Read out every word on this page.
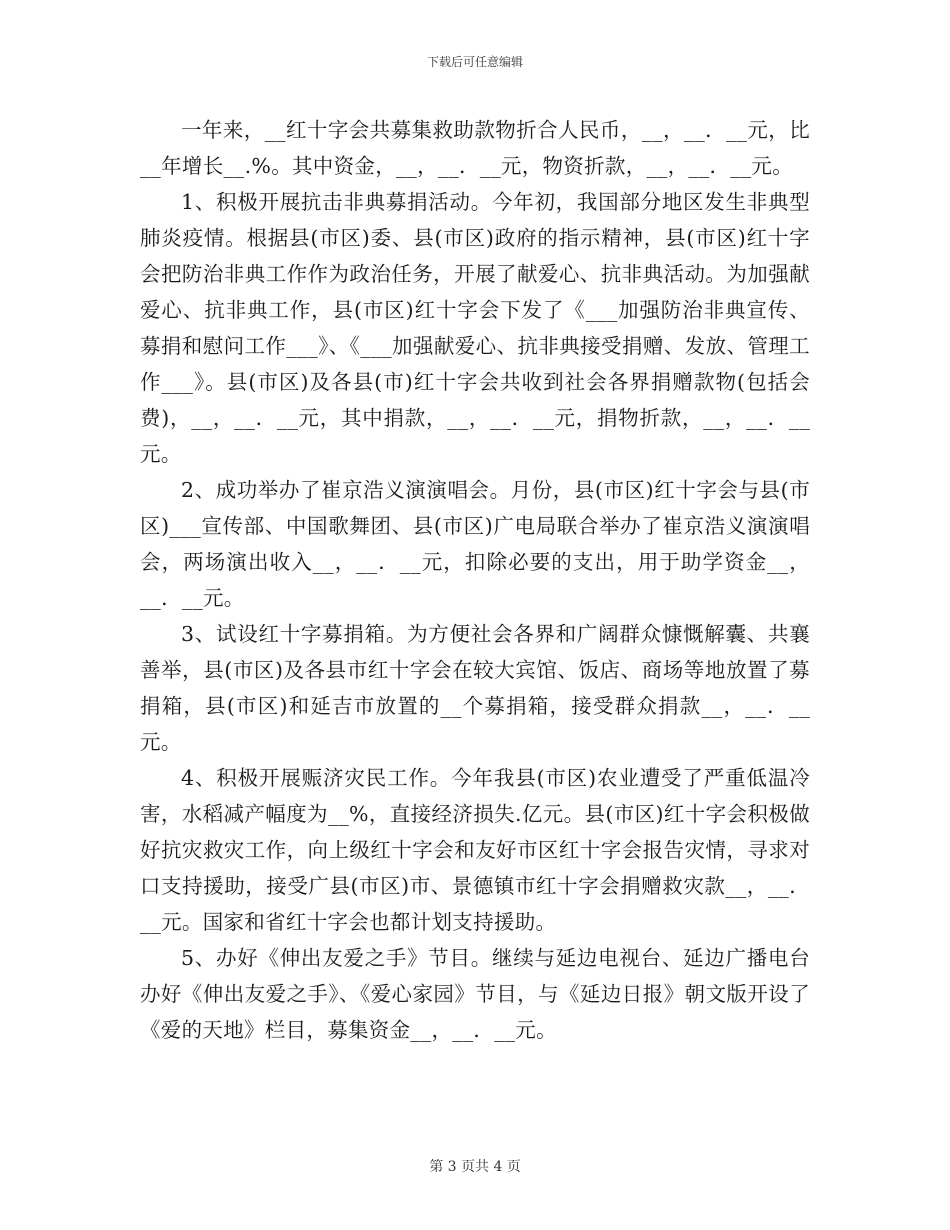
下载后可任意编辑

一年来，__红十字会共募集救助款物折合人民币，__，__．__元，比__年增长__.%。其中资金，__，__．__元，物资折款，__，__．__元。

1、积极开展抗击非典募捐活动。今年初，我国部分地区发生非典型肺炎疫情。根据县(市区)委、县(市区)政府的指示精神，县(市区)红十字会把防治非典工作作为政治任务，开展了献爱心、抗非典活动。为加强献爱心、抗非典工作，县(市区)红十字会下发了《___加强防治非典宣传、募捐和慰问工作___》、《___加强献爱心、抗非典接受捐赠、发放、管理工作___》。县(市区)及各县(市)红十字会共收到社会各界捐赠款物(包括会费)，__，__．__元，其中捐款，__，__．__元，捐物折款，__，__．__元。

2、成功举办了崔京浩义演演唱会。月份，县(市区)红十字会与县(市区)___宣传部、中国歌舞团、县(市区)广电局联合举办了崔京浩义演演唱会，两场演出收入__，__．__元，扣除必要的支出，用于助学资金__，__．__元。

3、试设红十字募捐箱。为方便社会各界和广阔群众慷慨解囊、共襄善举，县(市区)及各县市红十字会在较大宾馆、饭店、商场等地放置了募捐箱，县(市区)和延吉市放置的__个募捐箱，接受群众捐款__，__．__元。

4、积极开展赈济灾民工作。今年我县(市区)农业遭受了严重低温冷害，水稻减产幅度为__%，直接经济损失.亿元。县(市区)红十字会积极做好抗灾救灾工作，向上级红十字会和友好市区红十字会报告灾情，寻求对口支持援助，接受广县(市区)市、景德镇市红十字会捐赠救灾款__，__．__元。国家和省红十字会也都计划支持援助。

5、办好《伸出友爱之手》节目。继续与延边电视台、延边广播电台办好《伸出友爱之手》、《爱心家园》节目，与《延边日报》朝文版开设了《爱的天地》栏目，募集资金__，__．__元。

第 3 页共 4 页
